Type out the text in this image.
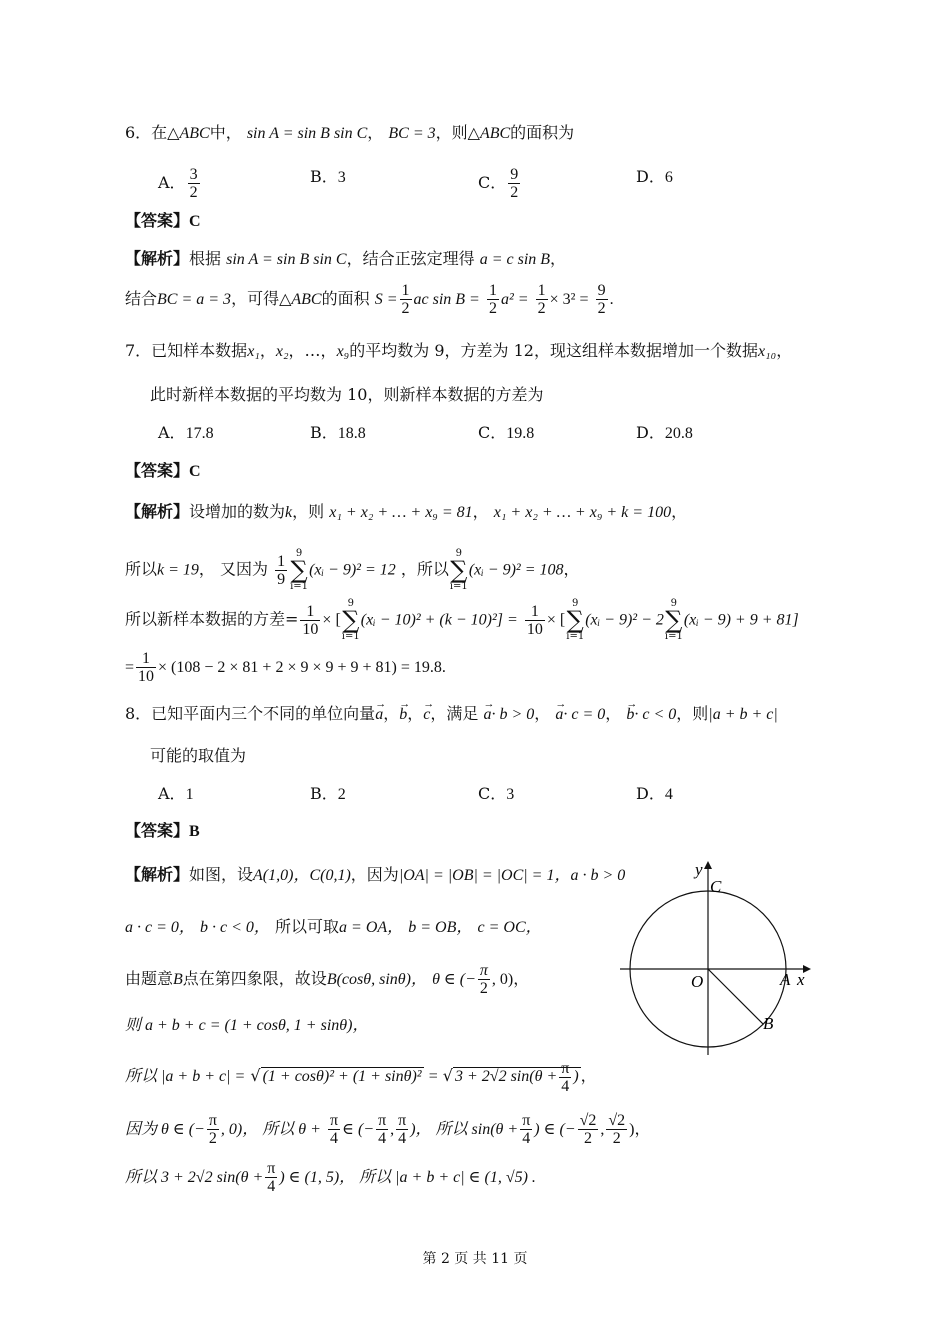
6．在△ABC中， sin A = sin B sin C， BC = 3，则△ABC的面积为
A． $\frac{3}{2}$	B．3	C． $\frac{9}{2}$	D．6
【答案】C
【解析】根据 sin A = sin B sin C，结合正弦定理得 a = c sin B，
结合BC = a = 3，可得△ABC的面积 $S = \frac{1}{2}$ ac $\sin B = \frac{1}{2} a^2 = \frac{1}{2} \times 3^2 = \frac{9}{2}$ .
7．已知样本数据x₁，x₂，…，x₉的平均数为 9，方差为 12，现这组样本数据增加一个数据x₁₀，
此时新样本数据的平均数为 10，则新样本数据的方差为
A．17.8	B．18.8	C．19.8	D．20.8
【答案】C
【解析】设增加的数为k，则 x₁ + x₂ + … + x₉ = 81， x₁ + x₂ + … + x₉ + k = 100，
所以k = 19， 又因为 $\frac{1}{9} 9$
∑
i=1
(xᵢ − 9)² = 12 ，所以
9
∑
i=1
(xᵢ − 9)² = 108，
所以新样本数据的方差= $\frac{1}{10}$ × [
9
∑
i=1
(xᵢ − $10)^2 + (k - 10)^2] = \frac{1}{10}$ × [
9
∑
i=1
(xᵢ − 9)² − 2
9
∑
i=1
(xᵢ − 9) + 9 + 81]
= $\frac{1}{10} \times (108 - 2 \times 81 + 2 \times 9 \times 9 + 9 + 81) = 19.8$.
8．已知平面内三个不同的单位向量→ a，→ b，→ c，满足 → a· b > 0， → a· c = 0， → b· c < 0，则|a + b + c|
可能的取值为
A．1	B．2	C．3	D．4
【答案】B
【解析】如图，设A(1,0)，C(0,1)，因为|OA| = |OB| = |OC| = 1，a · b > 0
a · c = 0， b · c < 0， 所以可取a = OA， b = OB， c = OC，
由题意B点在第四象限，故设B(cosθ, sinθ)， θ ∈ (− $\frac{\pi}{2}$ , 0)，
则 a + b + c = (1 + cosθ, 1 + sinθ)，
所以 |a + b + c| = √ (1 + cosθ)² + (1 + sinθ)² = √ 3 + 2√2 $\sin(\theta + \frac{\pi}{4}$ ) ，
因为 θ ∈ (− $\frac{\pi}{2}$ , 0)， 所以 $\theta + \frac{\pi}{4}$ ∈ (− $\frac{\pi}{4}$ , $\frac{\pi}{4}$ )， 所以 $\sin(\theta + \frac{\pi}{4}$ ) ∈ (− $\frac{√2}{2}$ , $\frac{√2}{2}$ )，
所以 3 + 2√2 $\sin(\theta + \frac{\pi}{4}$ ) ∈ (1, 5)， 所以 |a + b + c| ∈ (1, √5) .
y
x
O	A
B
C
第 2 页 共 11 页
